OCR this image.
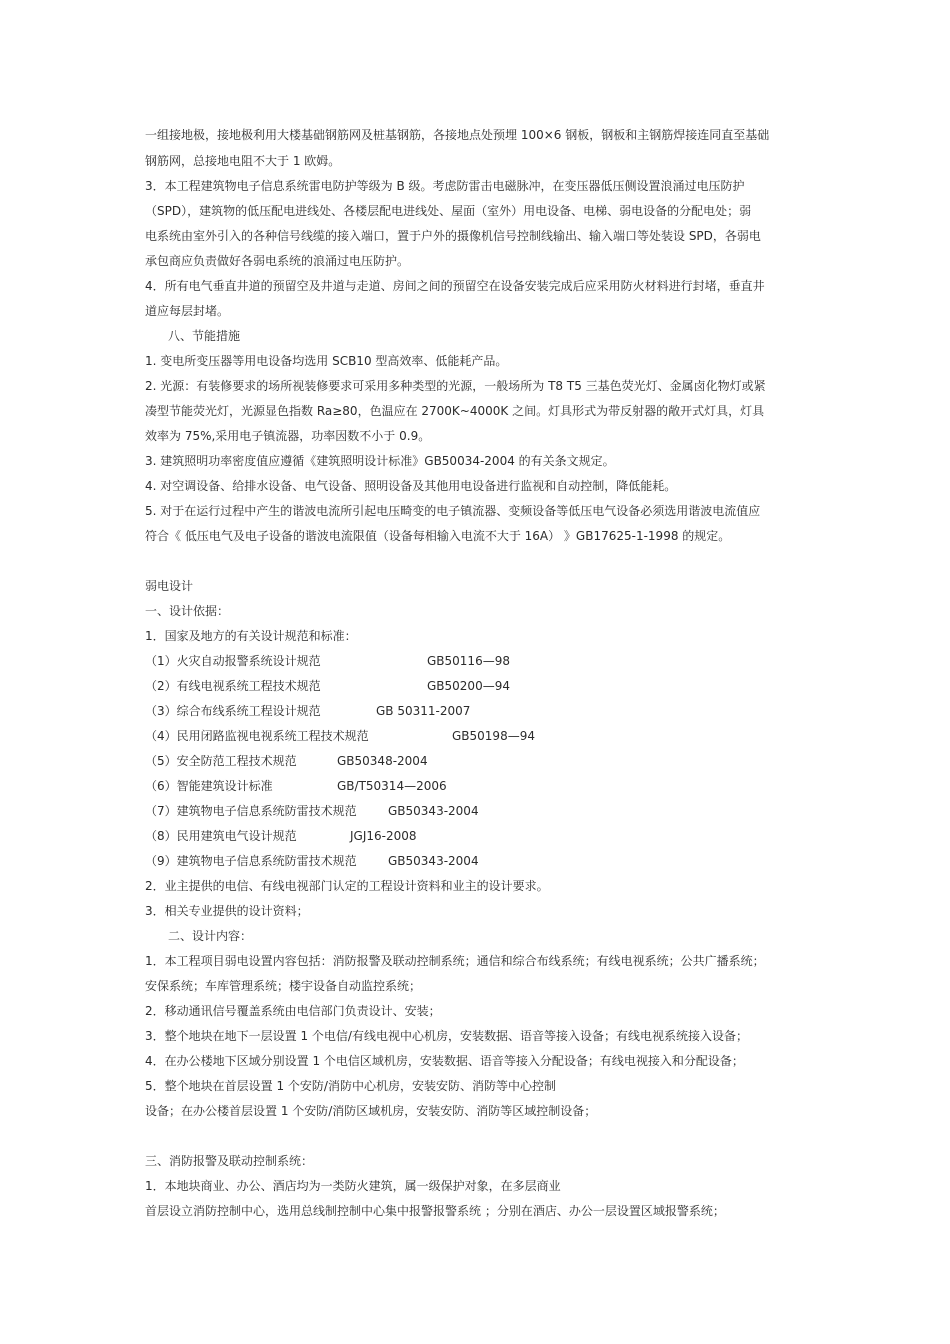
一组接地极，接地极利用大楼基础钢筋网及桩基钢筋，各接地点处预埋 100×6 钢板，钢板和主钢筋焊接连同直至基础
钢筋网，总接地电阻不大于 1 欧姆。
3．本工程建筑物电子信息系统雷电防护等级为 B 级。考虑防雷击电磁脉冲，在变压器低压侧设置浪涌过电压防护
（SPD），建筑物的低压配电进线处、各楼层配电进线处、屋面（室外）用电设备、电梯、弱电设备的分配电处；弱
电系统由室外引入的各种信号线缆的接入端口，置于户外的摄像机信号控制线输出、输入端口等处装设 SPD，各弱电
承包商应负责做好各弱电系统的浪涌过电压防护。
4．所有电气垂直井道的预留空及井道与走道、房间之间的预留空在设备安装完成后应采用防火材料进行封堵，垂直井
道应每层封堵。
八、节能措施
1. 变电所变压器等用电设备均选用 SCB10 型高效率、低能耗产品。
2. 光源：有装修要求的场所视装修要求可采用多种类型的光源，一般场所为 T8 T5 三基色荧光灯、金属卤化物灯或紧
凑型节能荧光灯，光源显色指数 Ra≥80，色温应在 2700K~4000K 之间。灯具形式为带反射器的敞开式灯具，灯具
效率为 75%,采用电子镇流器，功率因数不小于 0.9。
3. 建筑照明功率密度值应遵循《建筑照明设计标准》GB50034-2004 的有关条文规定。
4. 对空调设备、给排水设备、电气设备、照明设备及其他用电设备进行监视和自动控制，降低能耗。
5. 对于在运行过程中产生的谐波电流所引起电压畸变的电子镇流器、变频设备等低压电气设备必须选用谐波电流值应
符合《 低压电气及电子设备的谐波电流限值（设备每相输入电流不大于 16A） 》GB17625-1-1998 的规定。
弱电设计
一、设计依据：
1．国家及地方的有关设计规范和标准：
（1）火灾自动报警系统设计规范	GB50116—98
（2）有线电视系统工程技术规范	GB50200—94
（3）综合布线系统工程设计规范	GB 50311-2007
（4）民用闭路监视电视系统工程技术规范	GB50198—94
（5）安全防范工程技术规范	GB50348-2004
（6）智能建筑设计标准	GB/T50314—2006
（7）建筑物电子信息系统防雷技术规范	GB50343-2004
（8）民用建筑电气设计规范	JGJ16-2008
（9）建筑物电子信息系统防雷技术规范	GB50343-2004
2．业主提供的电信、有线电视部门认定的工程设计资料和业主的设计要求。
3．相关专业提供的设计资料；
二、设计内容：
1．本工程项目弱电设置内容包括：消防报警及联动控制系统；通信和综合布线系统；有线电视系统；公共广播系统；
安保系统；车库管理系统；楼宇设备自动监控系统；
2．移动通讯信号覆盖系统由电信部门负责设计、安装；
3．整个地块在地下一层设置 1 个电信/有线电视中心机房，安装数据、语音等接入设备；有线电视系统接入设备；
4．在办公楼地下区域分别设置 1 个电信区域机房，安装数据、语音等接入分配设备；有线电视接入和分配设备；
5．整个地块在首层设置 1 个安防/消防中心机房，安装安防、消防等中心控制
设备；在办公楼首层设置 1 个安防/消防区域机房，安装安防、消防等区域控制设备；
三、消防报警及联动控制系统：
1．本地块商业、办公、酒店均为一类防火建筑，属一级保护对象，在多层商业
首层设立消防控制中心，选用总线制控制中心集中报警报警系统 ；分别在酒店、办公一层设置区域报警系统；
